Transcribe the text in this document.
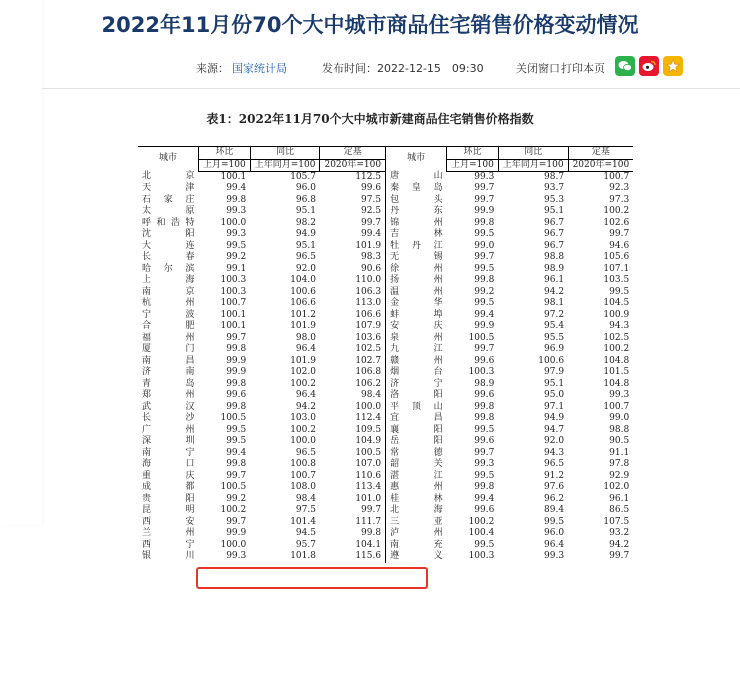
2022年11月份70个大中城市商品住宅销售价格变动情况
来源： 国家统计局	发布时间： 2022-12-15　09:30	关闭窗口 打印本页
表1：2022年11月70个大中城市新建商品住宅销售价格指数
城市	环比	同比	定基	城市	环比	同比	定基
	上月=100	上年同月=100	2020年=100		上月=100	上年同月=100	2020年=100
北　京	100.1	105.7	112.5	唐　山	99.3	98.7	100.7
天　津	99.4	96.0	99.6	秦皇岛	99.7	93.7	92.3
石家庄	99.8	96.8	97.5	包　头	99.7	95.3	97.3
太　原	99.3	95.1	92.5	丹　东	99.9	95.1	100.2
呼和浩特	100.0	98.2	99.7	锦　州	99.8	96.7	102.6
沈　阳	99.3	94.9	99.4	吉　林	99.5	96.7	99.7
大　连	99.5	95.1	101.9	牡丹江	99.0	96.7	94.6
长　春	99.2	96.5	98.3	无　锡	99.7	98.8	105.6
哈尔滨	99.1	92.0	90.6	徐　州	99.5	98.9	107.1
上　海	100.3	104.0	110.0	扬　州	99.8	96.1	103.5
南　京	100.3	100.6	106.3	温　州	99.2	94.2	99.5
杭　州	100.7	106.6	113.0	金　华	99.5	98.1	104.5
宁　波	100.1	101.2	106.6	蚌　埠	99.4	97.2	100.9
合　肥	100.1	101.9	107.9	安　庆	99.9	95.4	94.3
福　州	99.7	98.0	103.6	泉　州	100.5	95.5	102.5
厦　门	99.8	96.4	102.5	九　江	99.7	96.9	100.2
南　昌	99.9	101.9	102.7	赣　州	99.6	100.6	104.8
济　南	99.9	102.0	106.8	烟　台	100.3	97.9	101.5
青　岛	99.8	100.2	106.2	济　宁	98.9	95.1	104.8
郑　州	99.6	96.4	98.4	洛　阳	99.6	95.0	99.3
武　汉	99.8	94.2	100.0	平顶山	99.8	97.1	100.7
长　沙	100.5	103.0	112.4	宜　昌	99.8	94.9	99.0
广　州	99.5	100.2	109.5	襄　阳	99.5	94.7	98.8
深　圳	99.5	100.0	104.9	岳　阳	99.6	92.0	90.5
南　宁	99.4	96.5	100.5	常　德	99.7	94.3	91.1
海　口	99.8	100.8	107.0	韶　关	99.3	96.5	97.8
重　庆	99.7	100.7	110.6	湛　江	99.5	91.2	92.9
成　都	100.5	108.0	113.4	惠　州	99.8	97.6	102.0
贵　阳	99.2	98.4	101.0	桂　林	99.4	96.2	96.1
昆　明	100.2	97.5	99.7	北　海	99.6	89.4	86.5
西　安	99.7	101.4	111.7	三　亚	100.2	99.5	107.5
兰　州	99.9	94.5	99.8	泸　州	100.4	96.0	93.2
西　宁	100.0	95.7	104.1	南　充	99.5	96.4	94.2
银　川	99.3	101.8	115.6	遵　义	100.3	99.3	99.7
